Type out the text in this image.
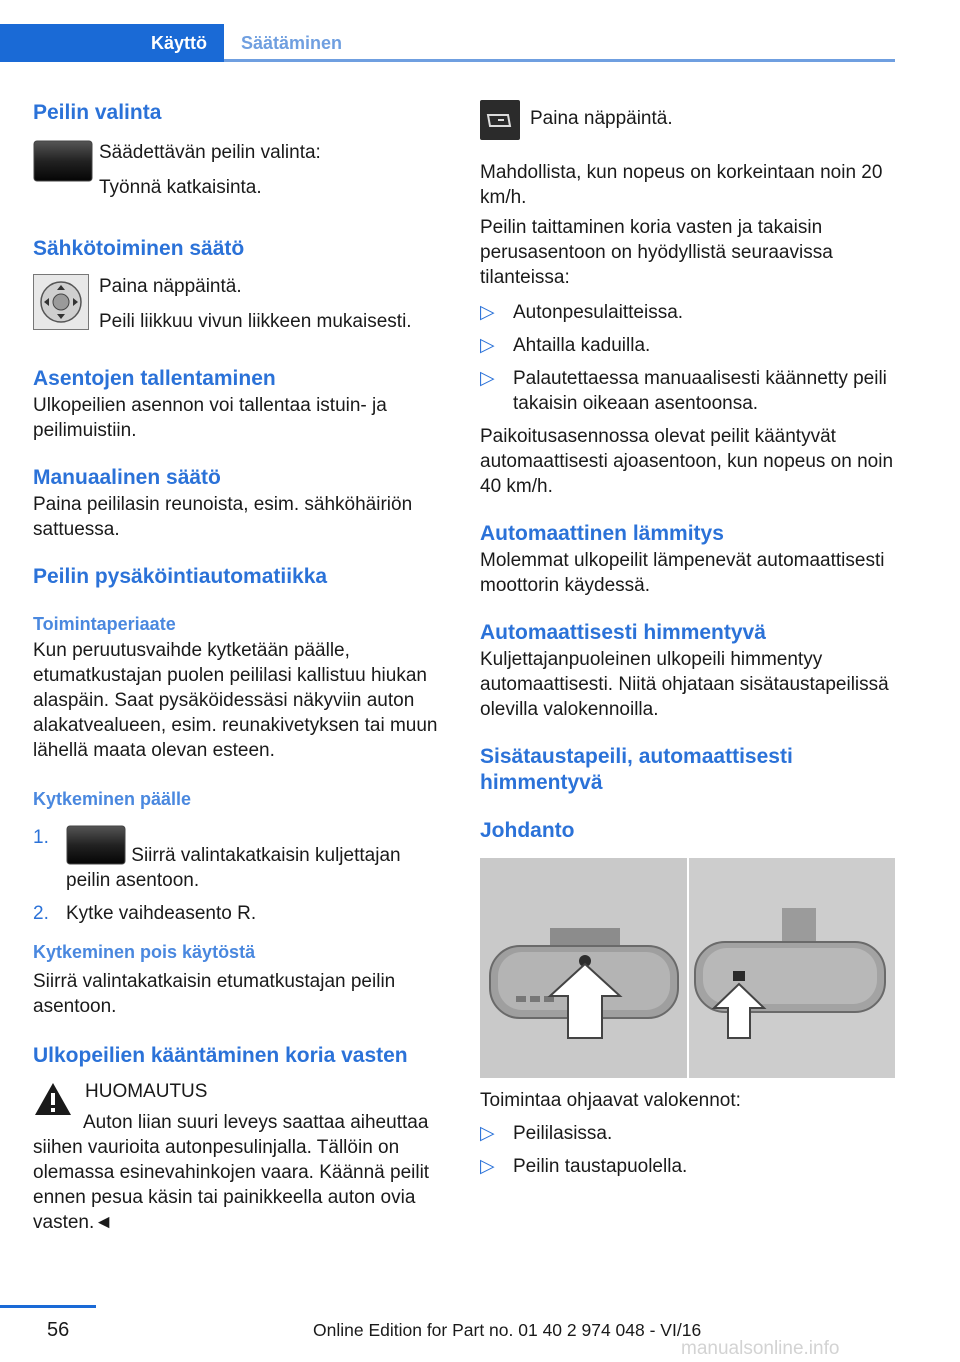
Käyttö	Säätäminen
Peilin valinta

Säädettävän peilin valinta:

Työnnä katkaisinta.

Sähkötoiminen säätö

Paina näppäintä.

Peili liikkuu vivun liikkeen mukaisesti.

Asentojen tallentaminen

Ulkopeilien asennon voi tallentaa istuin- ja peilimuistiin.

Manuaalinen säätö

Paina peililasin reunoista, esim. sähköhäiriön sattuessa.

Peilin pysäköintiautomatiikka
Toimintaperiaate

Kun peruutusvaihde kytketään päälle, etumatkustajan puolen peililasi kallistuu hiukan alaspäin. Saat pysäköidessäsi näkyviin auton alakatvealueen, esim. reunakivetyksen tai muun lähellä maata olevan esteen.

Kytkeminen päälle
1.
Siirrä valintakatkaisin kuljettajan peilin asentoon.
2. Kytke vaihdeasento R.
Kytkeminen pois käytöstä

Siirrä valintakatkaisin etumatkustajan peilin asentoon.

Ulkopeilien kääntäminen koria vasten

HUOMAUTUS

Auton liian suuri leveys saattaa aiheuttaa siihen vaurioita autonpesulinjalla. Tällöin on olemassa esinevahinkojen vaara. Käännä peilit ennen pesua käsin tai painikkeella auton ovia vasten.◄

Paina näppäintä.

Mahdollista, kun nopeus on korkeintaan noin 20 km/h.

Peilin taittaminen koria vasten ja takaisin perusasentoon on hyödyllistä seuraavissa tilanteissa:

▷ Autonpesulaitteissa.
▷ Ahtailla kaduilla.
▷ Palautettaessa manuaalisesti käännetty peili takaisin oikeaan asentoonsa.

Paikoitusasennossa olevat peilit kääntyvät automaattisesti ajoasentoon, kun nopeus on noin 40 km/h.

Automaattinen lämmitys

Molemmat ulkopeilit lämpenevät automaattisesti moottorin käydessä.

Automaattisesti himmentyvä

Kuljettajanpuoleinen ulkopeili himmentyy automaattisesti. Niitä ohjataan sisätaustapeilissä olevilla valokennoilla.

Sisätaustapeili, automaattisesti himmentyvä
Johdanto

Toimintaa ohjaavat valokennot:

▷ Peililasissa.
▷ Peilin taustapuolella.
56	Online Edition for Part no. 01 40 2 974 048 - VI/16
manualsonline.info
